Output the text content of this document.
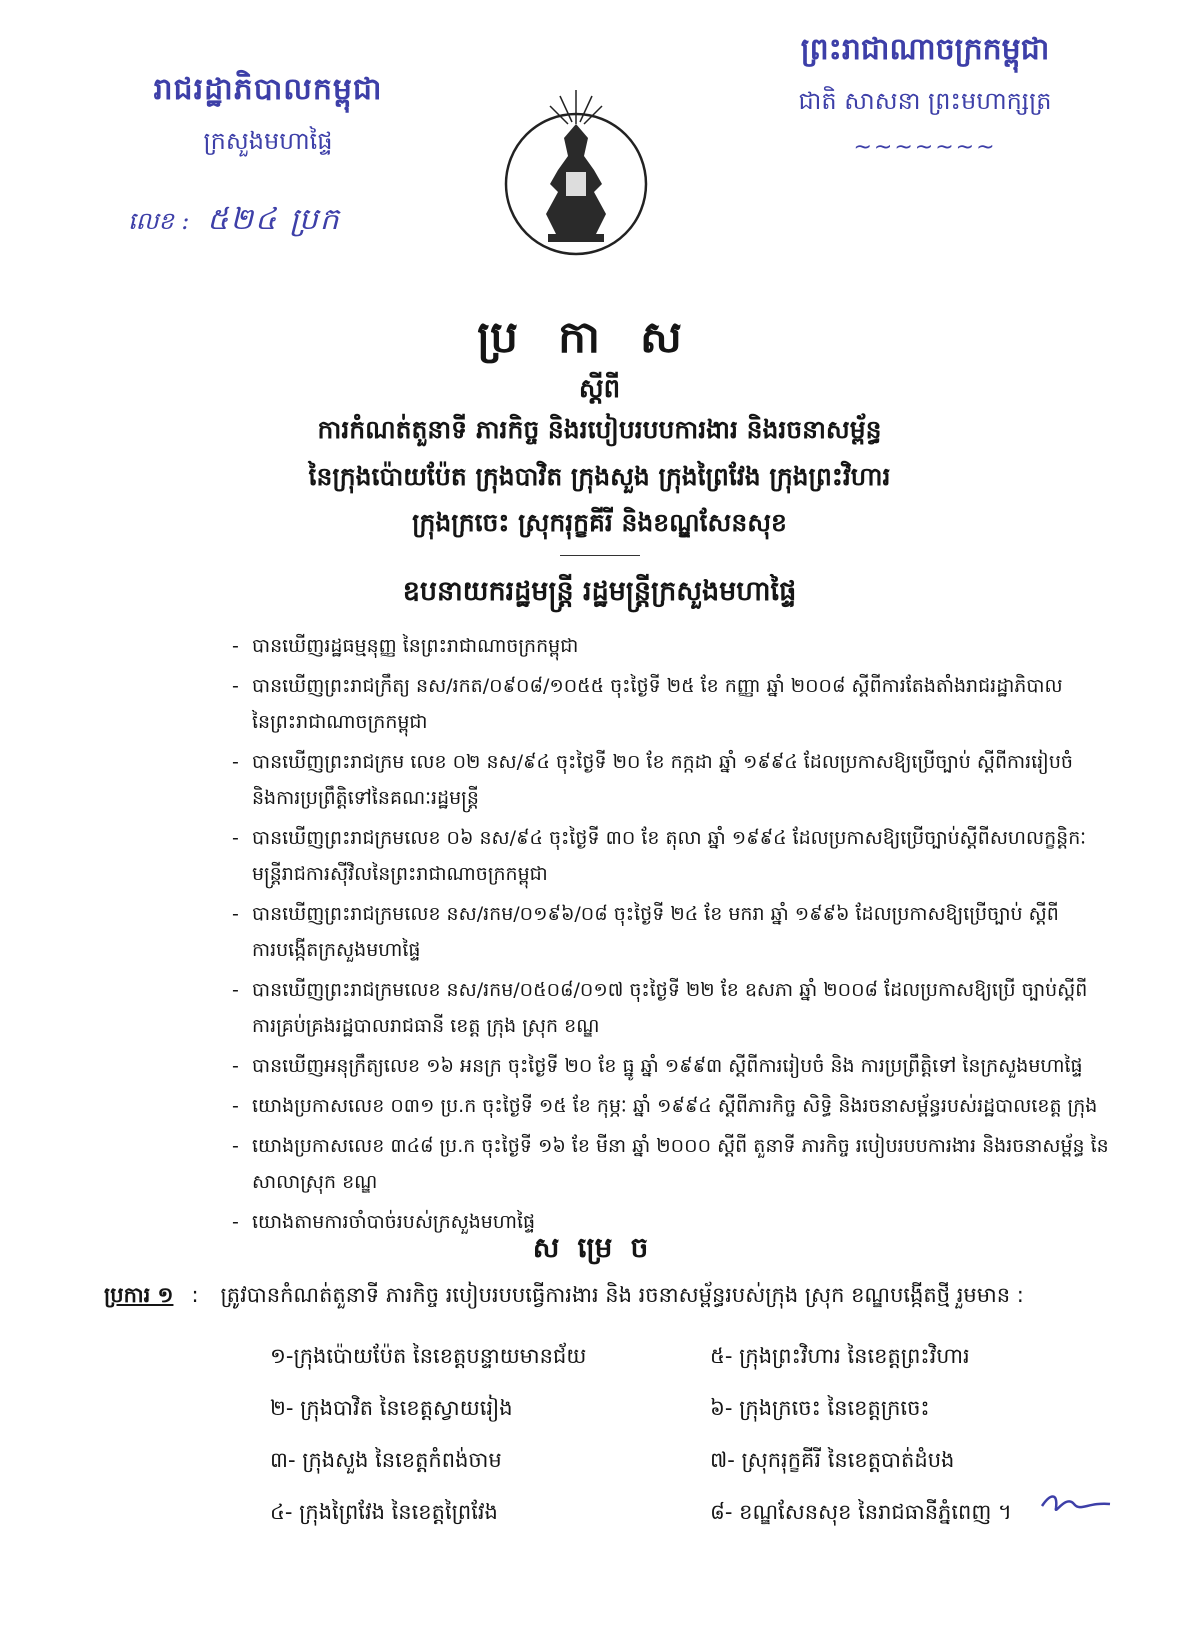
រាជរដ្ឋាភិបាលកម្ពុជា
ក្រសួងមហាផ្ទៃ
លេខ : ៥២៤ ប្រក
ព្រះរាជាណាចក្រកម្ពុជា
ជាតិ សាសនា ព្រះមហាក្សត្រ
~~~~~~~
ប្រកាស
ស្តីពី
ការកំណត់តួនាទី ភារកិច្ច និងរបៀបរបបការងារ និងរចនាសម្ព័ន្ធ
នៃក្រុងប៉ោយប៉ែត ក្រុងបាវិត ក្រុងសួង ក្រុងព្រៃវែង ក្រុងព្រះវិហារ
ក្រុងក្រចេះ ស្រុករុក្ខគីរី និងខណ្ឌសែនសុខ
ឧបនាយករដ្ឋមន្ត្រី រដ្ឋមន្ត្រីក្រសួងមហាផ្ទៃ
- បានឃើញរដ្ឋធម្មនុញ្ញ នៃព្រះរាជាណាចក្រកម្ពុជា
- បានឃើញព្រះរាជក្រឹត្យ នស/រកត/០៩០៨/១០៥៥ ចុះថ្ងៃទី ២៥ ខែ កញ្ញា ឆ្នាំ ២០០៨ ស្តីពីការតែងតាំងរាជរដ្ឋាភិបាល
នៃព្រះរាជាណាចក្រកម្ពុជា
- បានឃើញព្រះរាជក្រម លេខ ០២ នស/៩៤ ចុះថ្ងៃទី ២០ ខែ កក្កដា ឆ្នាំ ១៩៩៤ ដែលប្រកាសឱ្យប្រើច្បាប់ ស្តីពីការរៀបចំ
និងការប្រព្រឹត្តិទៅនៃគណៈរដ្ឋមន្ត្រី
- បានឃើញព្រះរាជក្រមលេខ ០៦ នស/៩៤ ចុះថ្ងៃទី ៣០ ខែ តុលា ឆ្នាំ ១៩៩៤ ដែលប្រកាសឱ្យប្រើច្បាប់ស្តីពីសហលក្ខន្តិកៈ
មន្ត្រីរាជការស៊ីវិលនៃព្រះរាជាណាចក្រកម្ពុជា
- បានឃើញព្រះរាជក្រមលេខ នស/រកម/០១៩៦/០៨ ចុះថ្ងៃទី ២៤ ខែ មករា ឆ្នាំ ១៩៩៦ ដែលប្រកាសឱ្យប្រើច្បាប់ ស្តីពី
ការបង្កើតក្រសួងមហាផ្ទៃ
- បានឃើញព្រះរាជក្រមលេខ នស/រកម/០៥០៨/០១៧ ចុះថ្ងៃទី ២២ ខែ ឧសភា ឆ្នាំ ២០០៨ ដែលប្រកាសឱ្យប្រើ ច្បាប់ស្តីពី
ការគ្រប់គ្រងរដ្ឋបាលរាជធានី ខេត្ត ក្រុង ស្រុក ខណ្ឌ
- បានឃើញអនុក្រឹត្យលេខ ១៦ អនក្រ ចុះថ្ងៃទី ២០ ខែ ធ្នូ ឆ្នាំ ១៩៩៣ ស្តីពីការរៀបចំ និង ការប្រព្រឹត្តិទៅ នៃក្រសួងមហាផ្ទៃ
- យោងប្រកាសលេខ ០៣១ ប្រ.ក ចុះថ្ងៃទី ១៥ ខែ កុម្ភៈ ឆ្នាំ ១៩៩៤ ស្តីពីភារកិច្ច សិទ្ធិ និងរចនាសម្ព័ន្ធរបស់រដ្ឋបាលខេត្ត ក្រុង
- យោងប្រកាសលេខ ៣៤៨ ប្រ.ក ចុះថ្ងៃទី ១៦ ខែ មីនា ឆ្នាំ ២០០០ ស្តីពី តួនាទី ភារកិច្ច របៀបរបបការងារ និងរចនាសម្ព័ន្ធ នៃ
សាលាស្រុក ខណ្ឌ
- យោងតាមការចាំបាច់របស់ក្រសួងមហាផ្ទៃ
សម្រេច
ប្រការ ១ : ត្រូវបានកំណត់តួនាទី ភារកិច្ច របៀបរបបធ្វើការងារ និង រចនាសម្ព័ន្ធរបស់ក្រុង ស្រុក ខណ្ឌបង្កើតថ្មី រួមមាន :
១-ក្រុងប៉ោយប៉ែត នៃខេត្តបន្ទាយមានជ័យ
២- ក្រុងបាវិត នៃខេត្តស្វាយរៀង
៣- ក្រុងសួង នៃខេត្តកំពង់ចាម
៤- ក្រុងព្រៃវែង នៃខេត្តព្រៃវែង
៥- ក្រុងព្រះវិហារ នៃខេត្តព្រះវិហារ
៦- ក្រុងក្រចេះ នៃខេត្តក្រចេះ
៧- ស្រុករុក្ខគីរី នៃខេត្តបាត់ដំបង
៨- ខណ្ឌសែនសុខ នៃរាជធានីភ្នំពេញ ។
